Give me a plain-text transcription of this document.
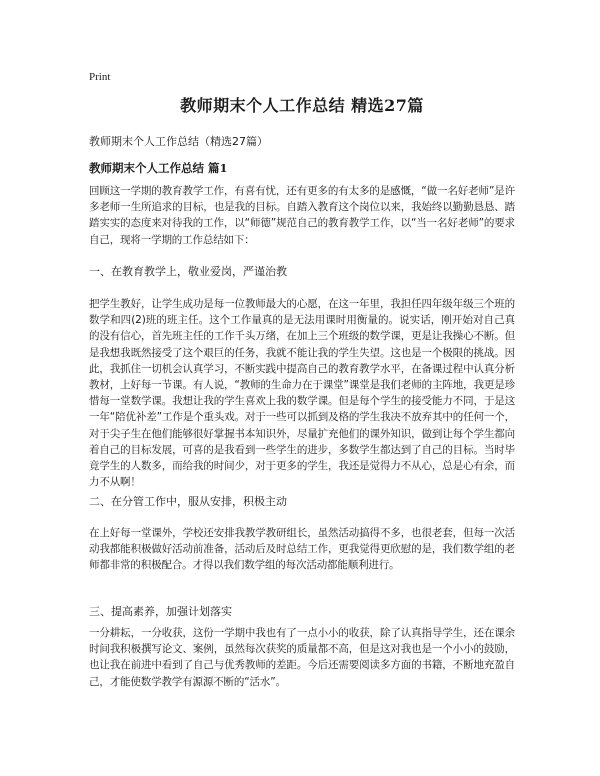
Print
教师期末个人工作总结 精选27篇

教师期末个人工作总结（精选27篇）

教师期末个人工作总结 篇1

回顾这一学期的教育教学工作，有喜有忧，还有更多的有太多的是感慨，“做一名好老师”是许多老师一生所追求的目标，也是我的目标。自踏入教育这个岗位以来，我始终以勤勤恳恳、踏踏实实的态度来对待我的工作，以“师德”规范自己的教育教学工作，以“当一名好老师”的要求自己，现将一学期的工作总结如下：

一、在教育教学上，敬业爱岗，严谨治教

把学生教好，让学生成功是每一位教师最大的心愿，在这一年里，我担任四年级年级三个班的数学和四(2)班的班主任。这个工作量真的是无法用课时用衡量的。说实话，刚开始对自己真的没有信心，首先班主任的工作千头万绪，在加上三个班级的数学课，更是让我操心不断。但是我想我既然接受了这个艰巨的任务，我就不能让我的学生失望。这也是一个极限的挑战。因此，我抓住一切机会认真学习，不断实践中提高自己的教育教学水平，在备课过程中认真分析教材，上好每一节课。有人说，“教师的生命力在于课堂”课堂是我们老师的主阵地，我更是珍惜每一堂数学课。我想让我的学生喜欢上我的数学课。但是每个学生的接受能力不同，于是这一年“陪优补差”工作是个重头戏。对于一些可以抓到及格的学生我决不放弃其中的任何一个，对于尖子生在他们能够很好掌握书本知识外，尽量扩充他们的课外知识，做到让每个学生都向着自己的目标发展，可喜的是我看到一些学生的进步，多数学生都达到了自己的目标。当时毕竟学生的人数多，而给我的时间少，对于更多的学生，我还是觉得力不从心，总是心有余，而力不从啊！

二、在分管工作中，服从安排，积极主动

在上好每一堂课外，学校还安排我教学教研组长，虽然活动搞得不多，也很老套，但每一次活动我都能积极做好活动前准备，活动后及时总结工作，更我觉得更欣慰的是，我们数学组的老师都非常的积极配合。才得以我们数学组的每次活动都能顺利进行。

三、提高素养，加强计划落实

一分耕耘，一分收获，这份一学期中我也有了一点小小的收获，除了认真指导学生，还在课余时间我积极撰写论文、案例，虽然每次获奖的质量都不高，但是这对我也是一个小小的鼓励，也让我在前进中看到了自己与优秀教师的差距。今后还需要阅读多方面的书籍，不断地充盈自己，才能使数学教学有源源不断的“活水”。
